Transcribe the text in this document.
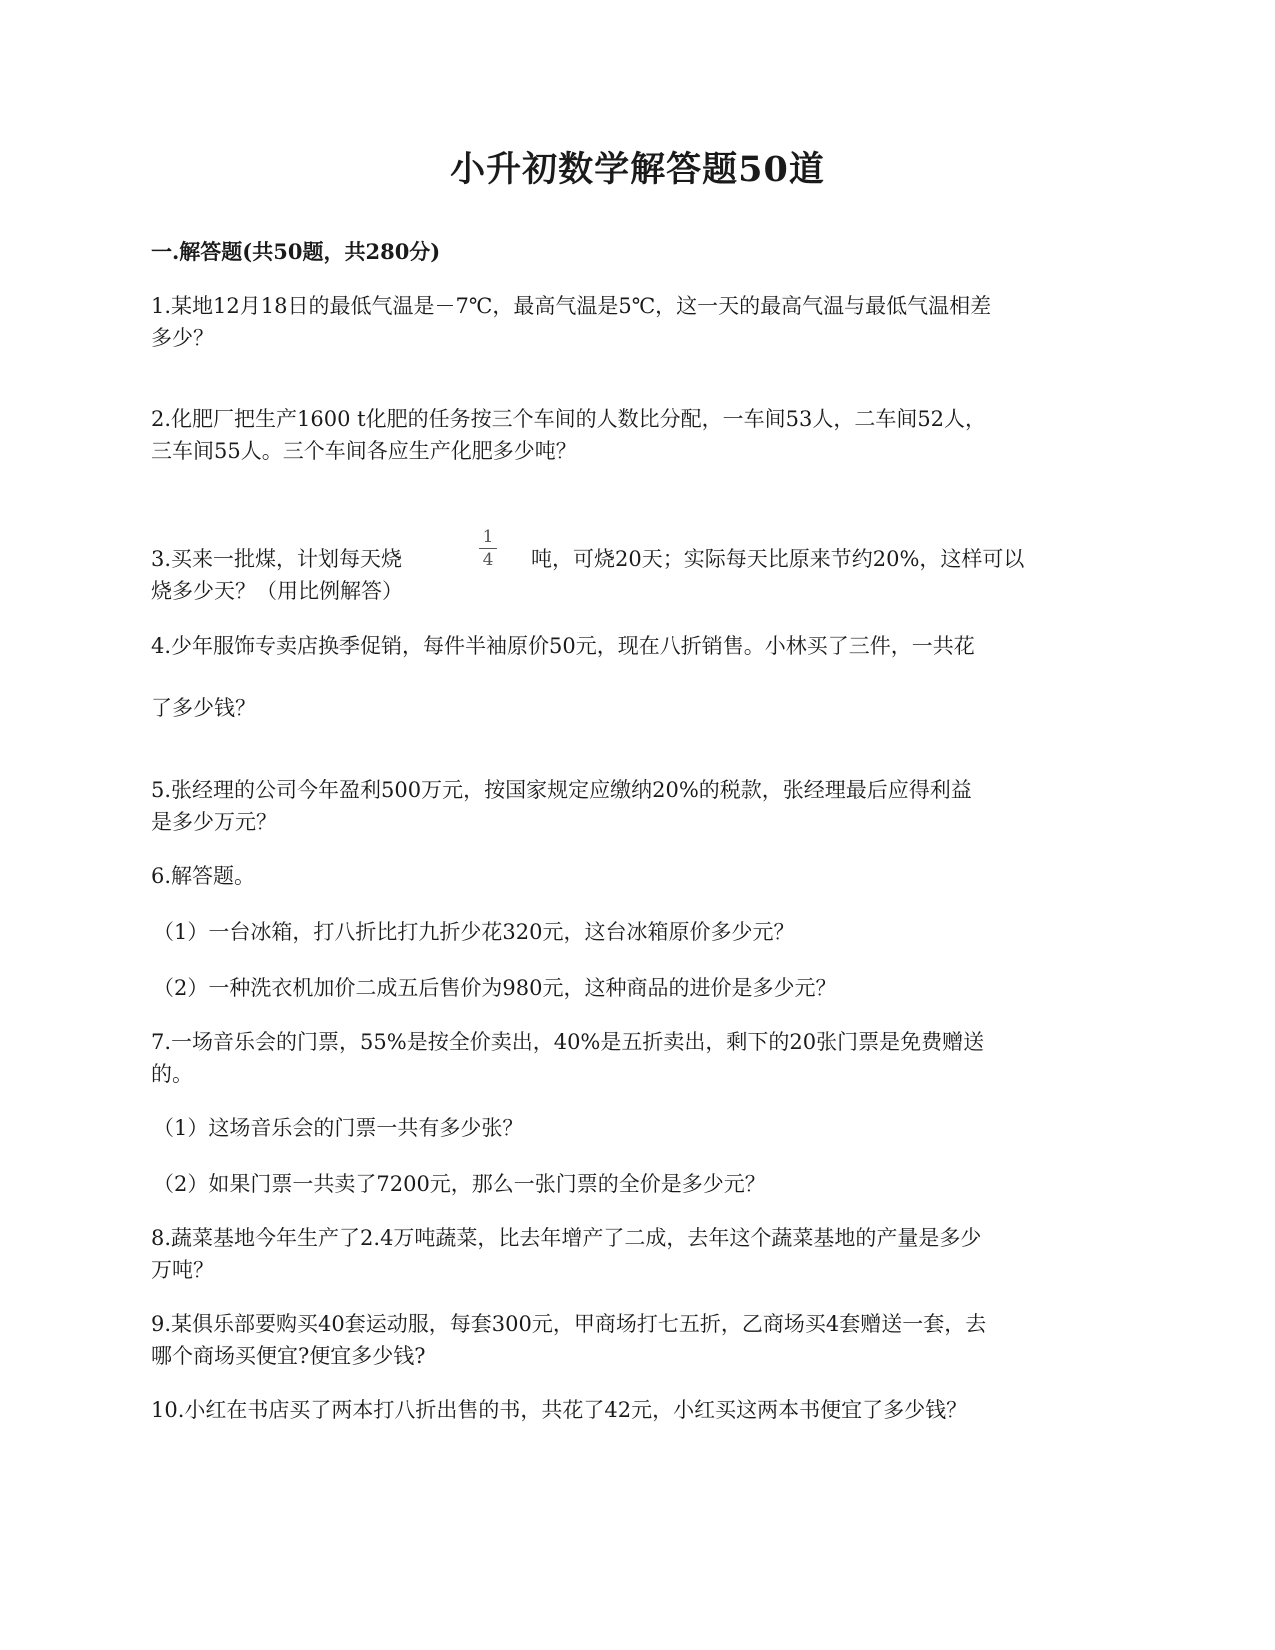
小升初数学解答题50道
一.解答题(共50题，共280分)
1.某地12月18日的最低气温是－7℃，最高气温是5℃，这一天的最高气温与最低气温相差
多少？
2.化肥厂把生产1600 t化肥的任务按三个车间的人数比分配，一车间53人，二车间52人，
三车间55人。三个车间各应生产化肥多少吨？
3.买来一批煤，计划每天烧
1
4 吨，可烧20天；实际每天比原来节约20%，这样可以
烧多少天？（用比例解答）
4.少年服饰专卖店换季促销，每件半袖原价50元，现在八折销售。小林买了三件，一共花
了多少钱？
5.张经理的公司今年盈利500万元，按国家规定应缴纳20%的税款，张经理最后应得利益
是多少万元？
6.解答题。
（1）一台冰箱，打八折比打九折少花320元，这台冰箱原价多少元？
（2）一种洗衣机加价二成五后售价为980元，这种商品的进价是多少元？
7.一场音乐会的门票，55%是按全价卖出，40%是五折卖出，剩下的20张门票是免费赠送
的。
（1）这场音乐会的门票一共有多少张？
（2）如果门票一共卖了7200元，那么一张门票的全价是多少元？
8.蔬菜基地今年生产了2.4万吨蔬菜，比去年增产了二成，去年这个蔬菜基地的产量是多少
万吨？
9.某俱乐部要购买40套运动服，每套300元，甲商场打七五折，乙商场买4套赠送一套，去
哪个商场买便宜?便宜多少钱?
10.小红在书店买了两本打八折出售的书，共花了42元，小红买这两本书便宜了多少钱？
